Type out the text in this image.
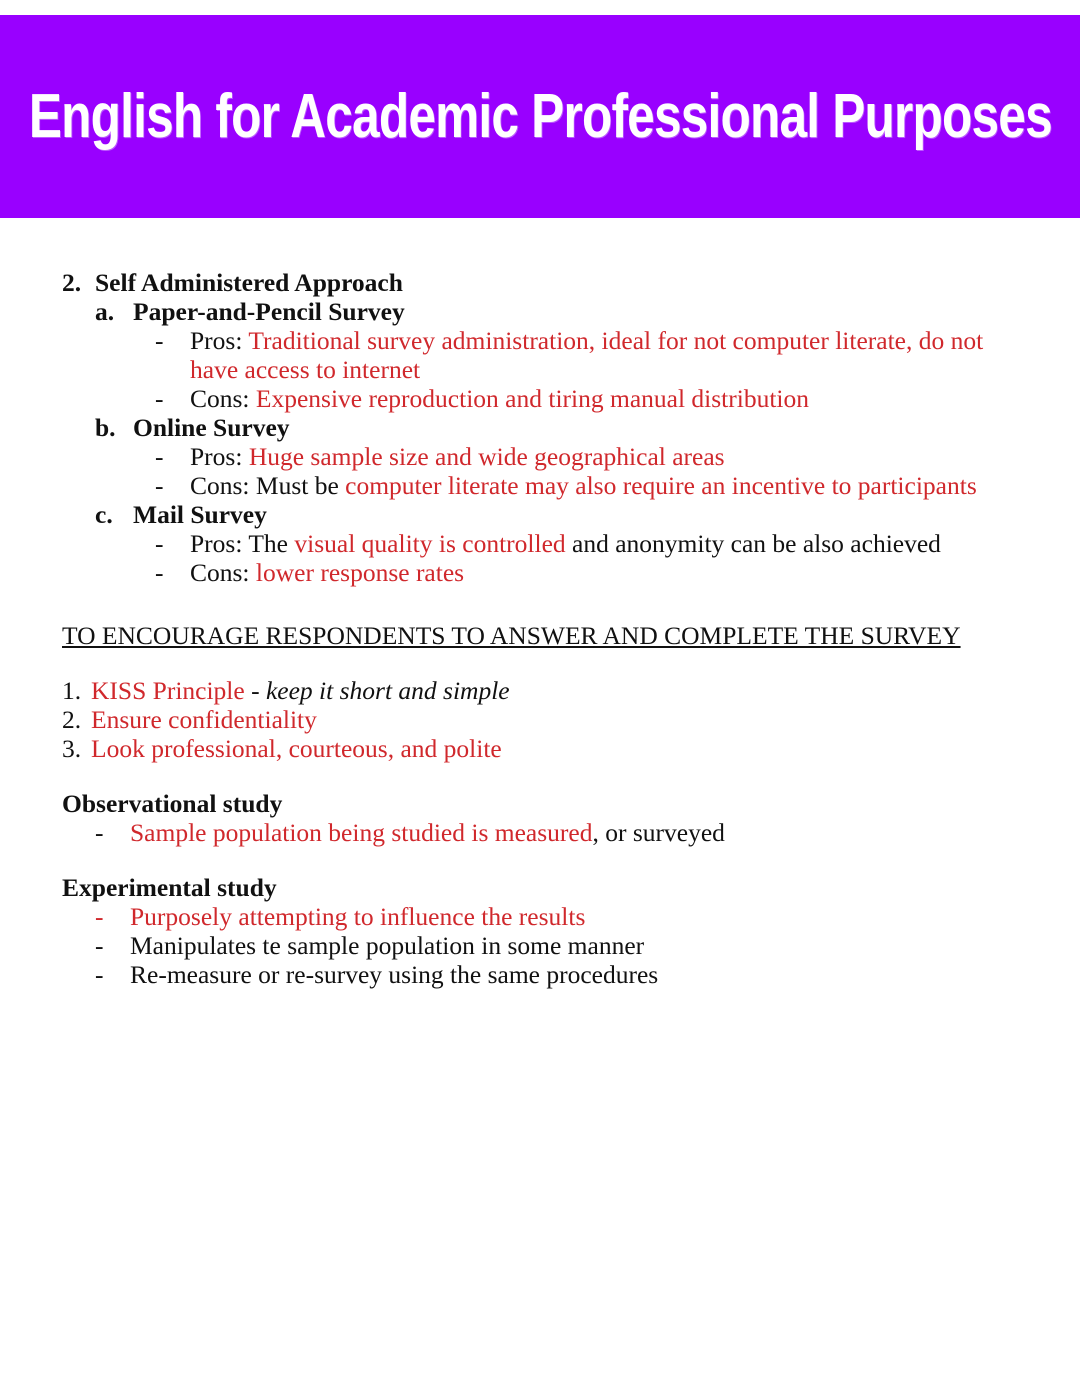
English for Academic Professional Purposes
2. Self Administered Approach
a. Paper-and-Pencil Survey
-	Pros: Traditional survey administration, ideal for not computer literate, do not
have access to internet
-	Cons: Expensive reproduction and tiring manual distribution
b. Online Survey
-	Pros: Huge sample size and wide geographical areas
-	Cons: Must be computer literate may also require an incentive to participants
c. Mail Survey
-	Pros: The visual quality is controlled and anonymity can be also achieved
-	Cons: lower response rates
TO ENCOURAGE RESPONDENTS TO ANSWER AND COMPLETE THE SURVEY
1. KISS Principle - keep it short and simple
2. Ensure confidentiality
3. Look professional, courteous, and polite
Observational study
-	Sample population being studied is measured, or surveyed
Experimental study
-	Purposely attempting to influence the results
-	Manipulates te sample population in some manner
-	Re-measure or re-survey using the same procedures
